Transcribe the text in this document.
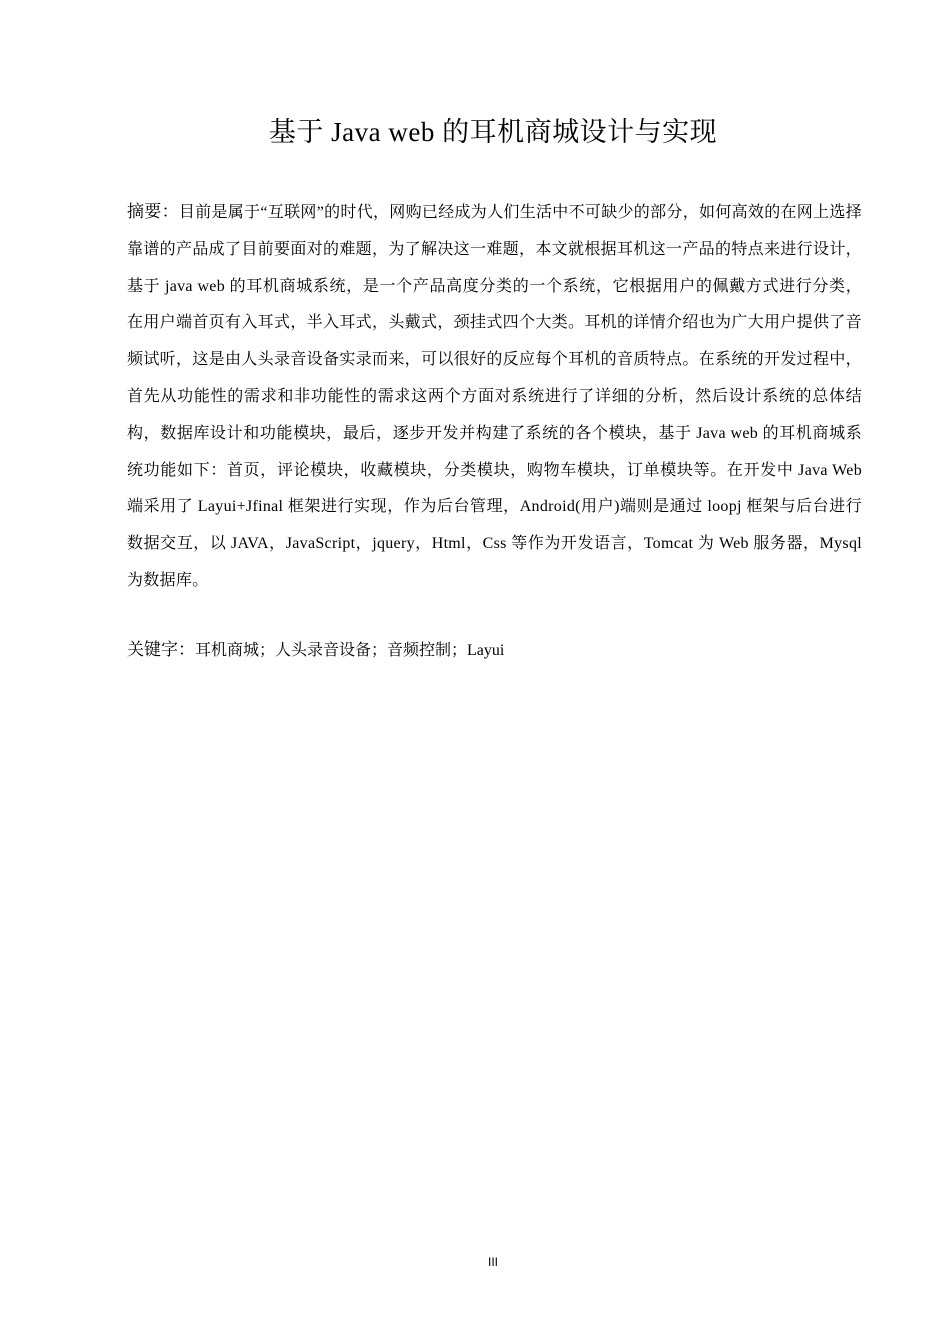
基于 Java web 的耳机商城设计与实现

摘要：目前是属于“互联网”的时代，网购已经成为人们生活中不可缺少的部分，如何高效的在网上选择靠谱的产品成了目前要面对的难题，为了解决这一难题，本文就根据耳机这一产品的特点来进行设计，基于 java web 的耳机商城系统，是一个产品高度分类的一个系统，它根据用户的佩戴方式进行分类，在用户端首页有入耳式，半入耳式，头戴式，颈挂式四个大类。耳机的详情介绍也为广大用户提供了音频试听，这是由人头录音设备实录而来，可以很好的反应每个耳机的音质特点。在系统的开发过程中，首先从功能性的需求和非功能性的需求这两个方面对系统进行了详细的分析，然后设计系统的总体结构，数据库设计和功能模块，最后，逐步开发并构建了系统的各个模块，基于 Java web 的耳机商城系统功能如下：首页，评论模块，收藏模块，分类模块，购物车模块，订单模块等。在开发中 Java Web 端采用了 Layui+Jfinal 框架进行实现，作为后台管理，Android(用户)端则是通过 loopj 框架与后台进行数据交互，以 JAVA，JavaScript，jquery，Html，Css 等作为开发语言，Tomcat 为 Web 服务器，Mysql 为数据库。

关键字：耳机商城；人头录音设备；音频控制；Layui

III
